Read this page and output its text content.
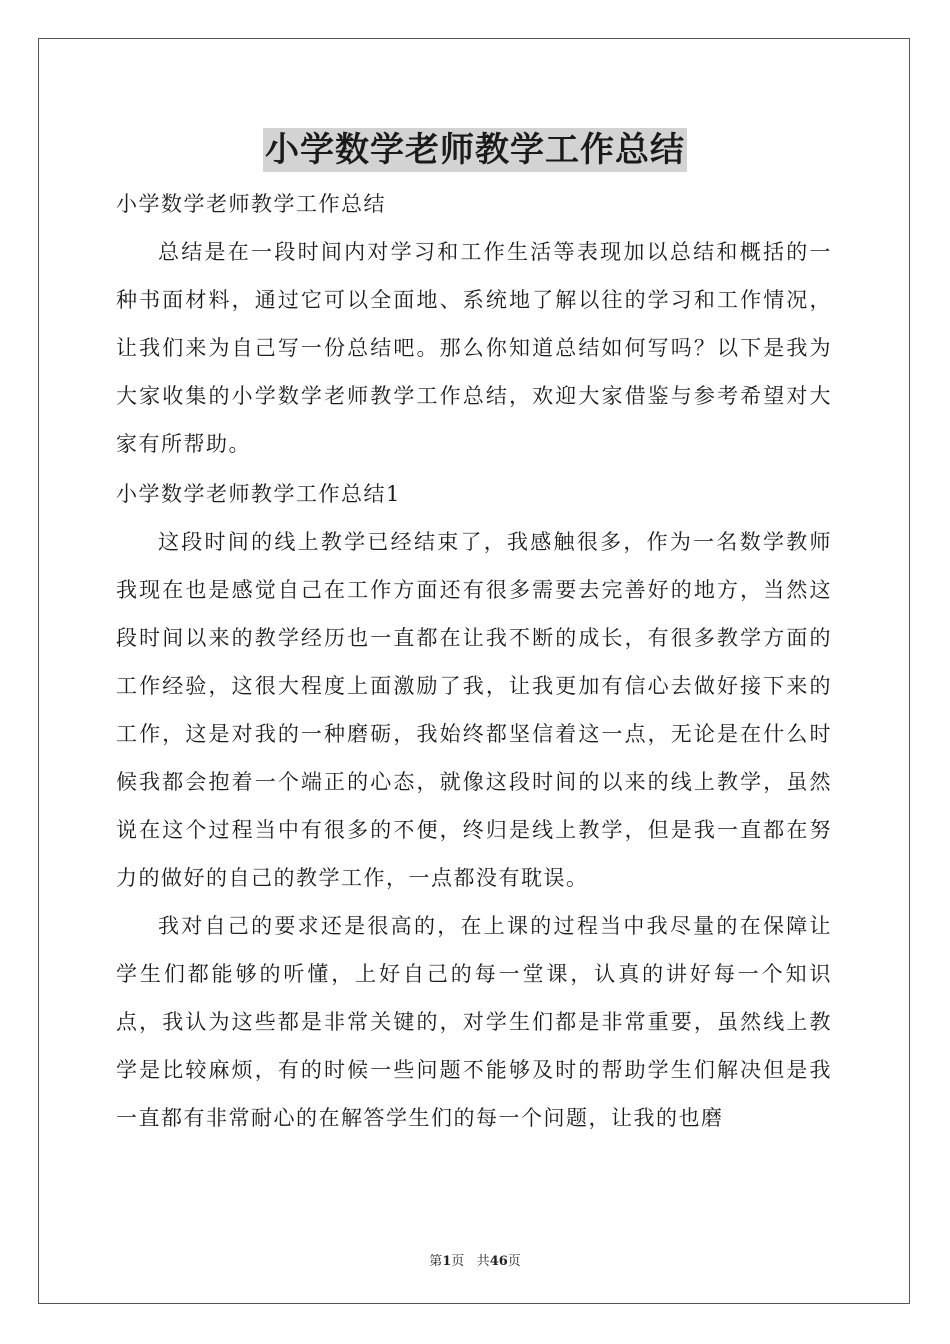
小学数学老师教学工作总结
小学数学老师教学工作总结

总结是在一段时间内对学习和工作生活等表现加以总结和概括的一种书面材料，通过它可以全面地、系统地了解以往的学习和工作情况，让我们来为自己写一份总结吧。那么你知道总结如何写吗？以下是我为大家收集的小学数学老师教学工作总结，欢迎大家借鉴与参考希望对大家有所帮助。

小学数学老师教学工作总结1

这段时间的线上教学已经结束了，我感触很多，作为一名数学教师我现在也是感觉自己在工作方面还有很多需要去完善好的地方，当然这段时间以来的教学经历也一直都在让我不断的成长，有很多教学方面的工作经验，这很大程度上面激励了我，让我更加有信心去做好接下来的工作，这是对我的一种磨砺，我始终都坚信着这一点，无论是在什么时候我都会抱着一个端正的心态，就像这段时间的以来的线上教学，虽然说在这个过程当中有很多的不便，终归是线上教学，但是我一直都在努力的做好的自己的教学工作，一点都没有耽误。

我对自己的要求还是很高的，在上课的过程当中我尽量的在保障让学生们都能够的听懂，上好自己的每一堂课，认真的讲好每一个知识点，我认为这些都是非常关键的，对学生们都是非常重要，虽然线上教学是比较麻烦，有的时候一些问题不能够及时的帮助学生们解决但是我一直都有非常耐心的在解答学生们的每一个问题，让我的也磨

第1页 共46页
